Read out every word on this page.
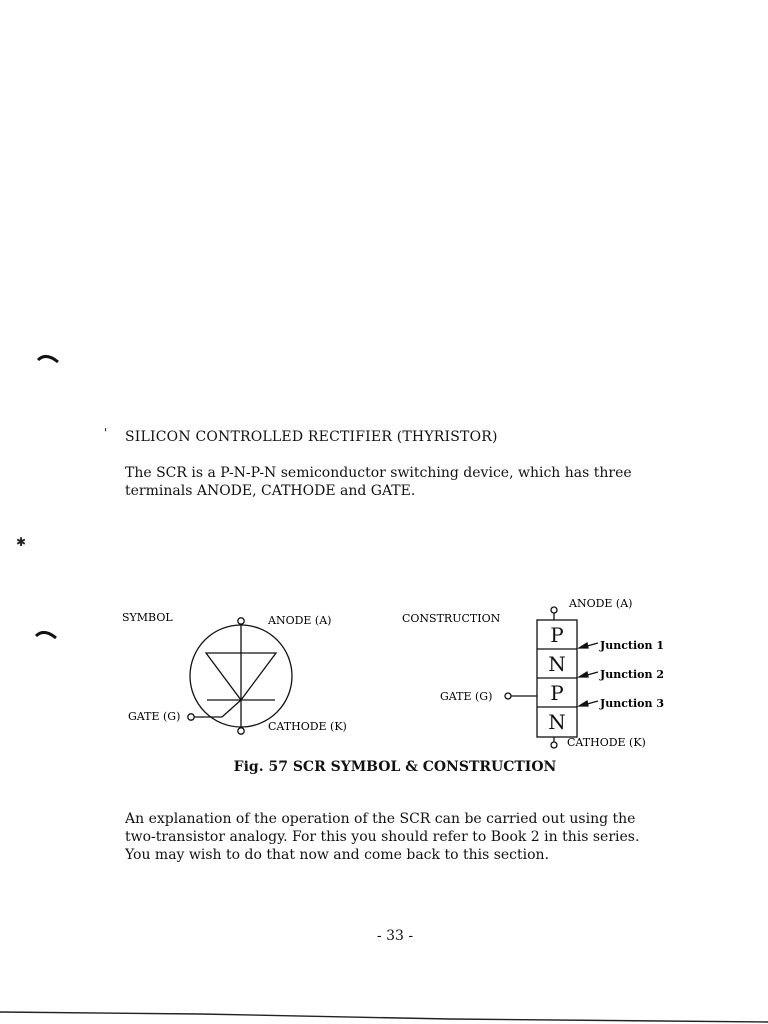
' SILICON CONTROLLED RECTIFIER (THYRISTOR)
The SCR is a P-N-P-N semiconductor switching device, which has three
terminals ANODE, CATHODE and GATE.
SYMBOL	ANODE (A)
GATE (G)
CATHODE (K)
CONSTRUCTION
ANODE (A)
GATE (G)
CATHODE (K)
P
N
P
N
Junction 1
Junction 2
Junction 3
✱
Fig. 57 SCR SYMBOL & CONSTRUCTION
An explanation of the operation of the SCR can be carried out using the
two-transistor analogy. For this you should refer to Book 2 in this series.
You may wish to do that now and come back to this section.
- 33 -
